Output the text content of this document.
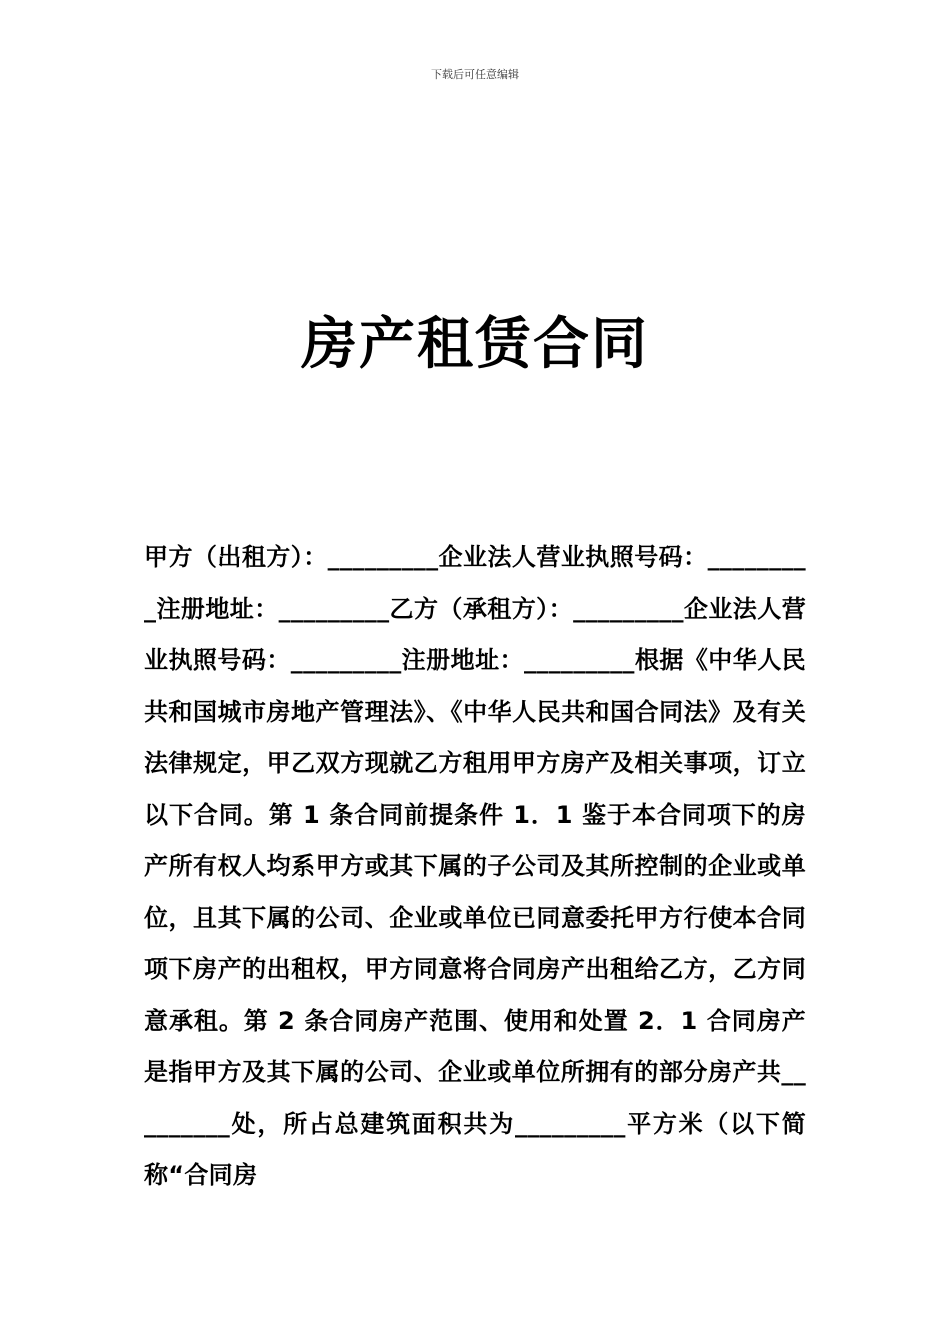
下载后可任意编辑
房产租赁合同
甲方（出租方）：_________企业法人营业执照号码：_________注册地址：_________乙方（承租方）：_________企业法人营业执照号码：_________注册地址：_________根据《中华人民共和国城市房地产管理法》、《中华人民共和国合同法》及有关法律规定，甲乙双方现就乙方租用甲方房产及相关事项，订立以下合同。第 1 条合同前提条件 1．1 鉴于本合同项下的房产所有权人均系甲方或其下属的子公司及其所控制的企业或单位，且其下属的公司、企业或单位已同意委托甲方行使本合同项下房产的出租权，甲方同意将合同房产出租给乙方，乙方同意承租。第 2 条合同房产范围、使用和处置 2．1 合同房产是指甲方及其下属的公司、企业或单位所拥有的部分房产共_________处，所占总建筑面积共为_________平方米（以下简称“合同房
